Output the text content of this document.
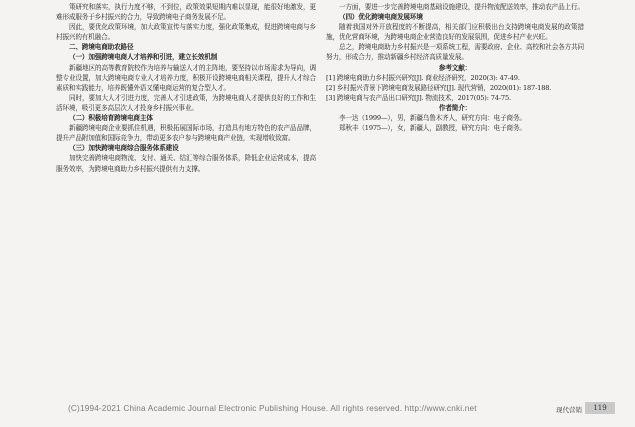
策研究和落实，执行力度不够，不到位，政策效果短期内难以显现，能很好地激发，更难形成服务于乡村振兴的合力，导致跨境电子商务发展不足。

因此，要优化政策环境，加大政策宣传与落实力度，强化政策集成，促进跨境电商与乡村振兴的有机融合。

二、跨境电商助农路径

（一）加强跨境电商人才培养和引进，建立长效机制

新疆地区的高等教育院校作为培养与输送人才的主阵地，要坚持以市场需求为导向，调整专业设置，加大跨境电商专业人才培养力度，积极开设跨境电商相关课程，提升人才综合素质和实践能力，培养既懂外语又懂电商运营的复合型人才。

同时，要加大人才引进力度，完善人才引进政策，为跨境电商人才提供良好的工作和生活环境，吸引更多高层次人才投身乡村振兴事业。

（二）积极培育跨境电商主体

新疆跨境电商企业要抓住机遇，积极拓展国际市场，打造具有地方特色的农产品品牌，提升产品附加值和国际竞争力，带动更多农户参与跨境电商产业链，实现增收致富。

（三）加快跨境电商综合服务体系建设

加快完善跨境电商物流、支付、通关、结汇等综合服务体系，降低企业运营成本，提高服务效率，为跨境电商助力乡村振兴提供有力支撑。

一方面，要进一步完善跨境电商基础设施建设，提升物流配送效率，推动农产品上行。

（四）优化跨境电商发展环境

随着我国对外开放程度的不断提高，相关部门应积极出台支持跨境电商发展的政策措施，优化营商环境，为跨境电商企业营造良好的发展氛围，促进乡村产业兴旺。

总之，跨境电商助力乡村振兴是一项系统工程，需要政府、企业、高校和社会各方共同努力，形成合力，推动新疆乡村经济高质量发展。

参考文献：

[1] 跨境电商助力乡村振兴研究[J]. 商业经济研究，2020(3): 47-49.

[2] 乡村振兴背景下跨境电商发展路径研究[J]. 现代营销，2020(01): 187-188.

[3] 跨境电商与农产品出口研究[J]. 物流技术，2017(05): 74-75.

作者简介：

李一达（1999—），男，新疆乌鲁木齐人，研究方向：电子商务。

郑秋丰（1975—），女，新疆人，副教授，研究方向：电子商务。

(C)1994-2021 China Academic Journal Electronic Publishing House. All rights reserved. http://www.cnki.net	现代营销	119
